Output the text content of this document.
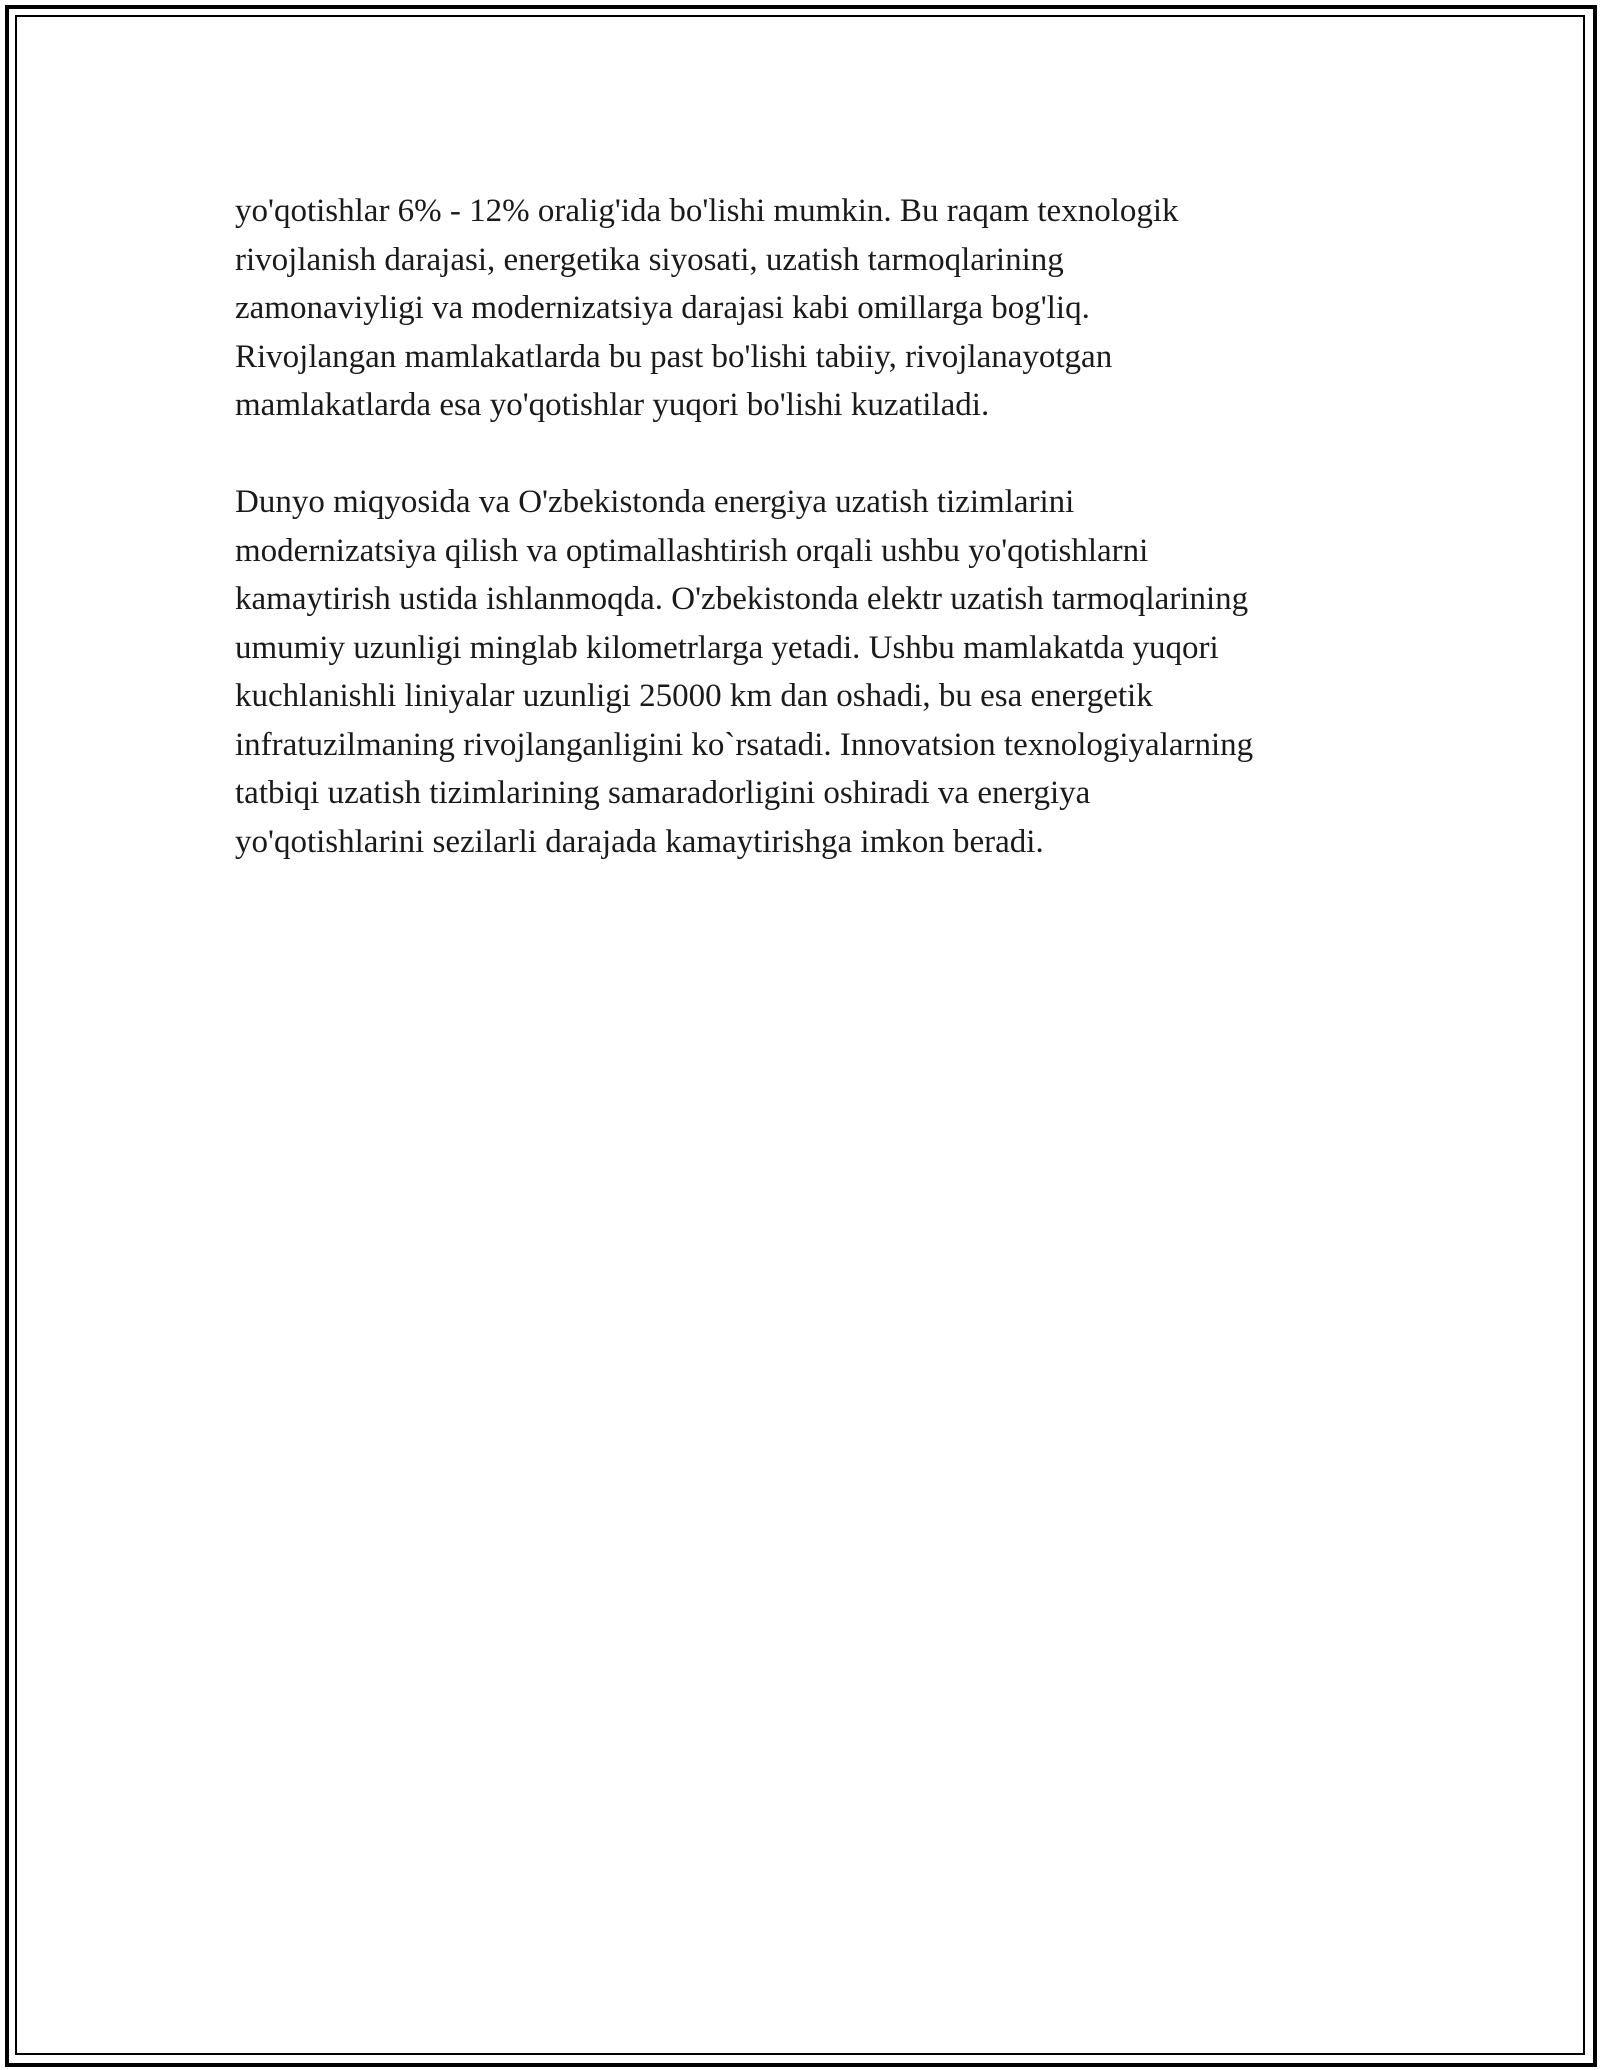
yo'qotishlar 6% - 12% oralig'ida bo'lishi mumkin. Bu raqam texnologik
rivojlanish darajasi, energetika siyosati, uzatish tarmoqlarining
zamonaviyligi va modernizatsiya darajasi kabi omillarga bog'liq.
Rivojlangan mamlakatlarda bu past bo'lishi tabiiy, rivojlanayotgan
mamlakatlarda esa yo'qotishlar yuqori bo'lishi kuzatiladi.

Dunyo miqyosida va O'zbekistonda energiya uzatish tizimlarini
modernizatsiya qilish va optimallashtirish orqali ushbu yo'qotishlarni
kamaytirish ustida ishlanmoqda. O'zbekistonda elektr uzatish tarmoqlarining
umumiy uzunligi minglab kilometrlarga yetadi. Ushbu mamlakatda yuqori
kuchlanishli liniyalar uzunligi 25000 km dan oshadi, bu esa energetik
infratuzilmaning rivojlanganligini ko`rsatadi. Innovatsion texnologiyalarning
tatbiqi uzatish tizimlarining samaradorligini oshiradi va energiya
yo'qotishlarini sezilarli darajada kamaytirishga imkon beradi.
